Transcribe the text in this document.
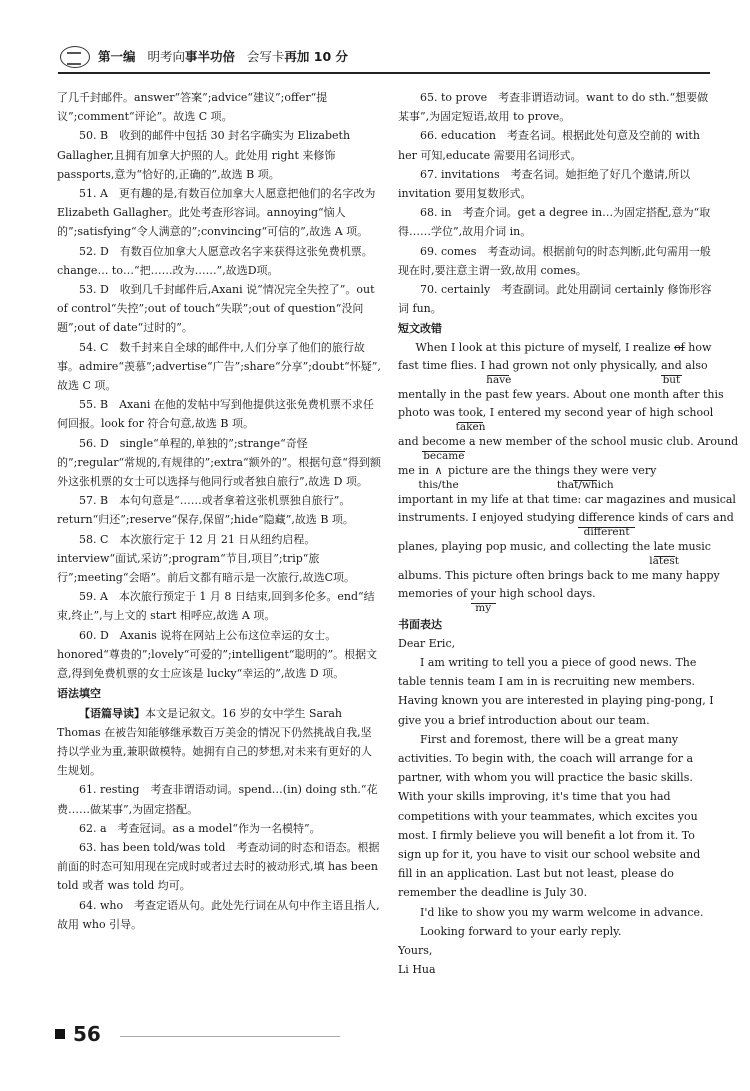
第一编 明考向事半功倍 会写卡再加 10 分

了几千封邮件。answer“答案”;advice“建议”;offer“提议”;comment“评论”。故选 C 项。

50. B　收到的邮件中包括 30 封名字确实为 Elizabeth Gallagher,且拥有加拿大护照的人。此处用 right 来修饰 passports,意为“恰好的,正确的”,故选 B 项。

51. A　更有趣的是,有数百位加拿大人愿意把他们的名字改为 Elizabeth Gallagher。此处考查形容词。annoying“恼人的”;satisfying“令人满意的”;convincing“可信的”,故选 A 项。

52. D　有数百位加拿大人愿意改名字来获得这张免费机票。change… to…“把……改为……”,故选D项。

53. D　收到几千封邮件后,Axani 说“情况完全失控了”。out of control“失控”;out of touch“失联”;out of question“没问题”;out of date“过时的”。

54. C　数千封来自全球的邮件中,人们分享了他们的旅行故事。admire“羡慕”;advertise“广告”;share“分享”;doubt“怀疑”,故选 C 项。

55. B　Axani 在他的发帖中写到他提供这张免费机票不求任何回报。look for 符合句意,故选 B 项。

56. D　single“单程的,单独的”;strange“奇怪的”;regular“常规的,有规律的”;extra“额外的”。根据句意“得到额外这张机票的女士可以选择与他同行或者独自旅行”,故选 D 项。

57. B　本句句意是“……或者拿着这张机票独自旅行”。return“归还”;reserve“保存,保留”;hide“隐藏”,故选 B 项。

58. C　本次旅行定于 12 月 21 日从纽约启程。interview“面试,采访”;program“节目,项目”;trip“旅行”;meeting“会晤”。前后文都有暗示是一次旅行,故选C项。

59. A　本次旅行预定于 1 月 8 日结束,回到多伦多。end“结束,终止”,与上文的 start 相呼应,故选 A 项。

60. D　Axanis 说将在网站上公布这位幸运的女士。honored“尊贵的”;lovely“可爱的”;intelligent“聪明的”。根据文意,得到免费机票的女士应该是 lucky“幸运的”,故选 D 项。

语法填空

【语篇导读】本文是记叙文。16 岁的女中学生 Sarah Thomas 在被告知能够继承数百万美金的情况下仍然挑战自我,坚持以学业为重,兼职做模特。她拥有自己的梦想,对未来有更好的人生规划。

61. resting　考查非谓语动词。spend…(in) doing sth.“花费……做某事”,为固定搭配。

62. a　考查冠词。as a model“作为一名模特”。

63. has been told/was told　考查动词的时态和语态。根据前面的时态可知用现在完成时或者过去时的被动形式,填 has been told 或者 was told 均可。

64. who　考查定语从句。此处先行词在从句中作主语且指人,故用 who 引导。

65. to prove　考查非谓语动词。want to do sth.“想要做某事”,为固定短语,故用 to prove。

66. education　考查名词。根据此处句意及空前的 with her 可知,educate 需要用名词形式。

67. invitations　考查名词。她拒绝了好几个邀请,所以 invitation 要用复数形式。

68. in　考查介词。get a degree in…为固定搭配,意为“取得……学位”,故用介词 in。

69. comes　考查动词。根据前句的时态判断,此句需用一般现在时,要注意主谓一致,故用 comes。

70. certainly　考查副词。此处用副词 certainly 修饰形容词 fun。

短文改错

When I look at this picture of myself, I realize of how
fast time flies. I had
have
grown not only physically, and
but
also
mentally in the past few years. About one month after this
photo was took
taken
, I entered my second year of high school
and become
became
a new member of the school music club. Around
me in ∧
this/the
picture are the things they
that/which
were very
important in my life at that time: car magazines and musical
instruments. I enjoyed studying difference
different
kinds of cars and
planes, playing pop music, and collecting the late
latest
music
albums. This picture often brings back to me many happy
memories of your
my
high school days.

书面表达

Dear Eric,

I am writing to tell you a piece of good news. The table tennis team I am in is recruiting new members. Having known you are interested in playing ping-pong, I give you a brief introduction about our team.

First and foremost, there will be a great many activities. To begin with, the coach will arrange for a partner, with whom you will practice the basic skills. With your skills improving, it's time that you had competitions with your teammates, which excites you most. I firmly believe you will benefit a lot from it. To sign up for it, you have to visit our school website and fill in an application. Last but not least, please do remember the deadline is July 30.

I'd like to show you my warm welcome in advance.

Looking forward to your early reply.

Yours,

Li Hua

56
